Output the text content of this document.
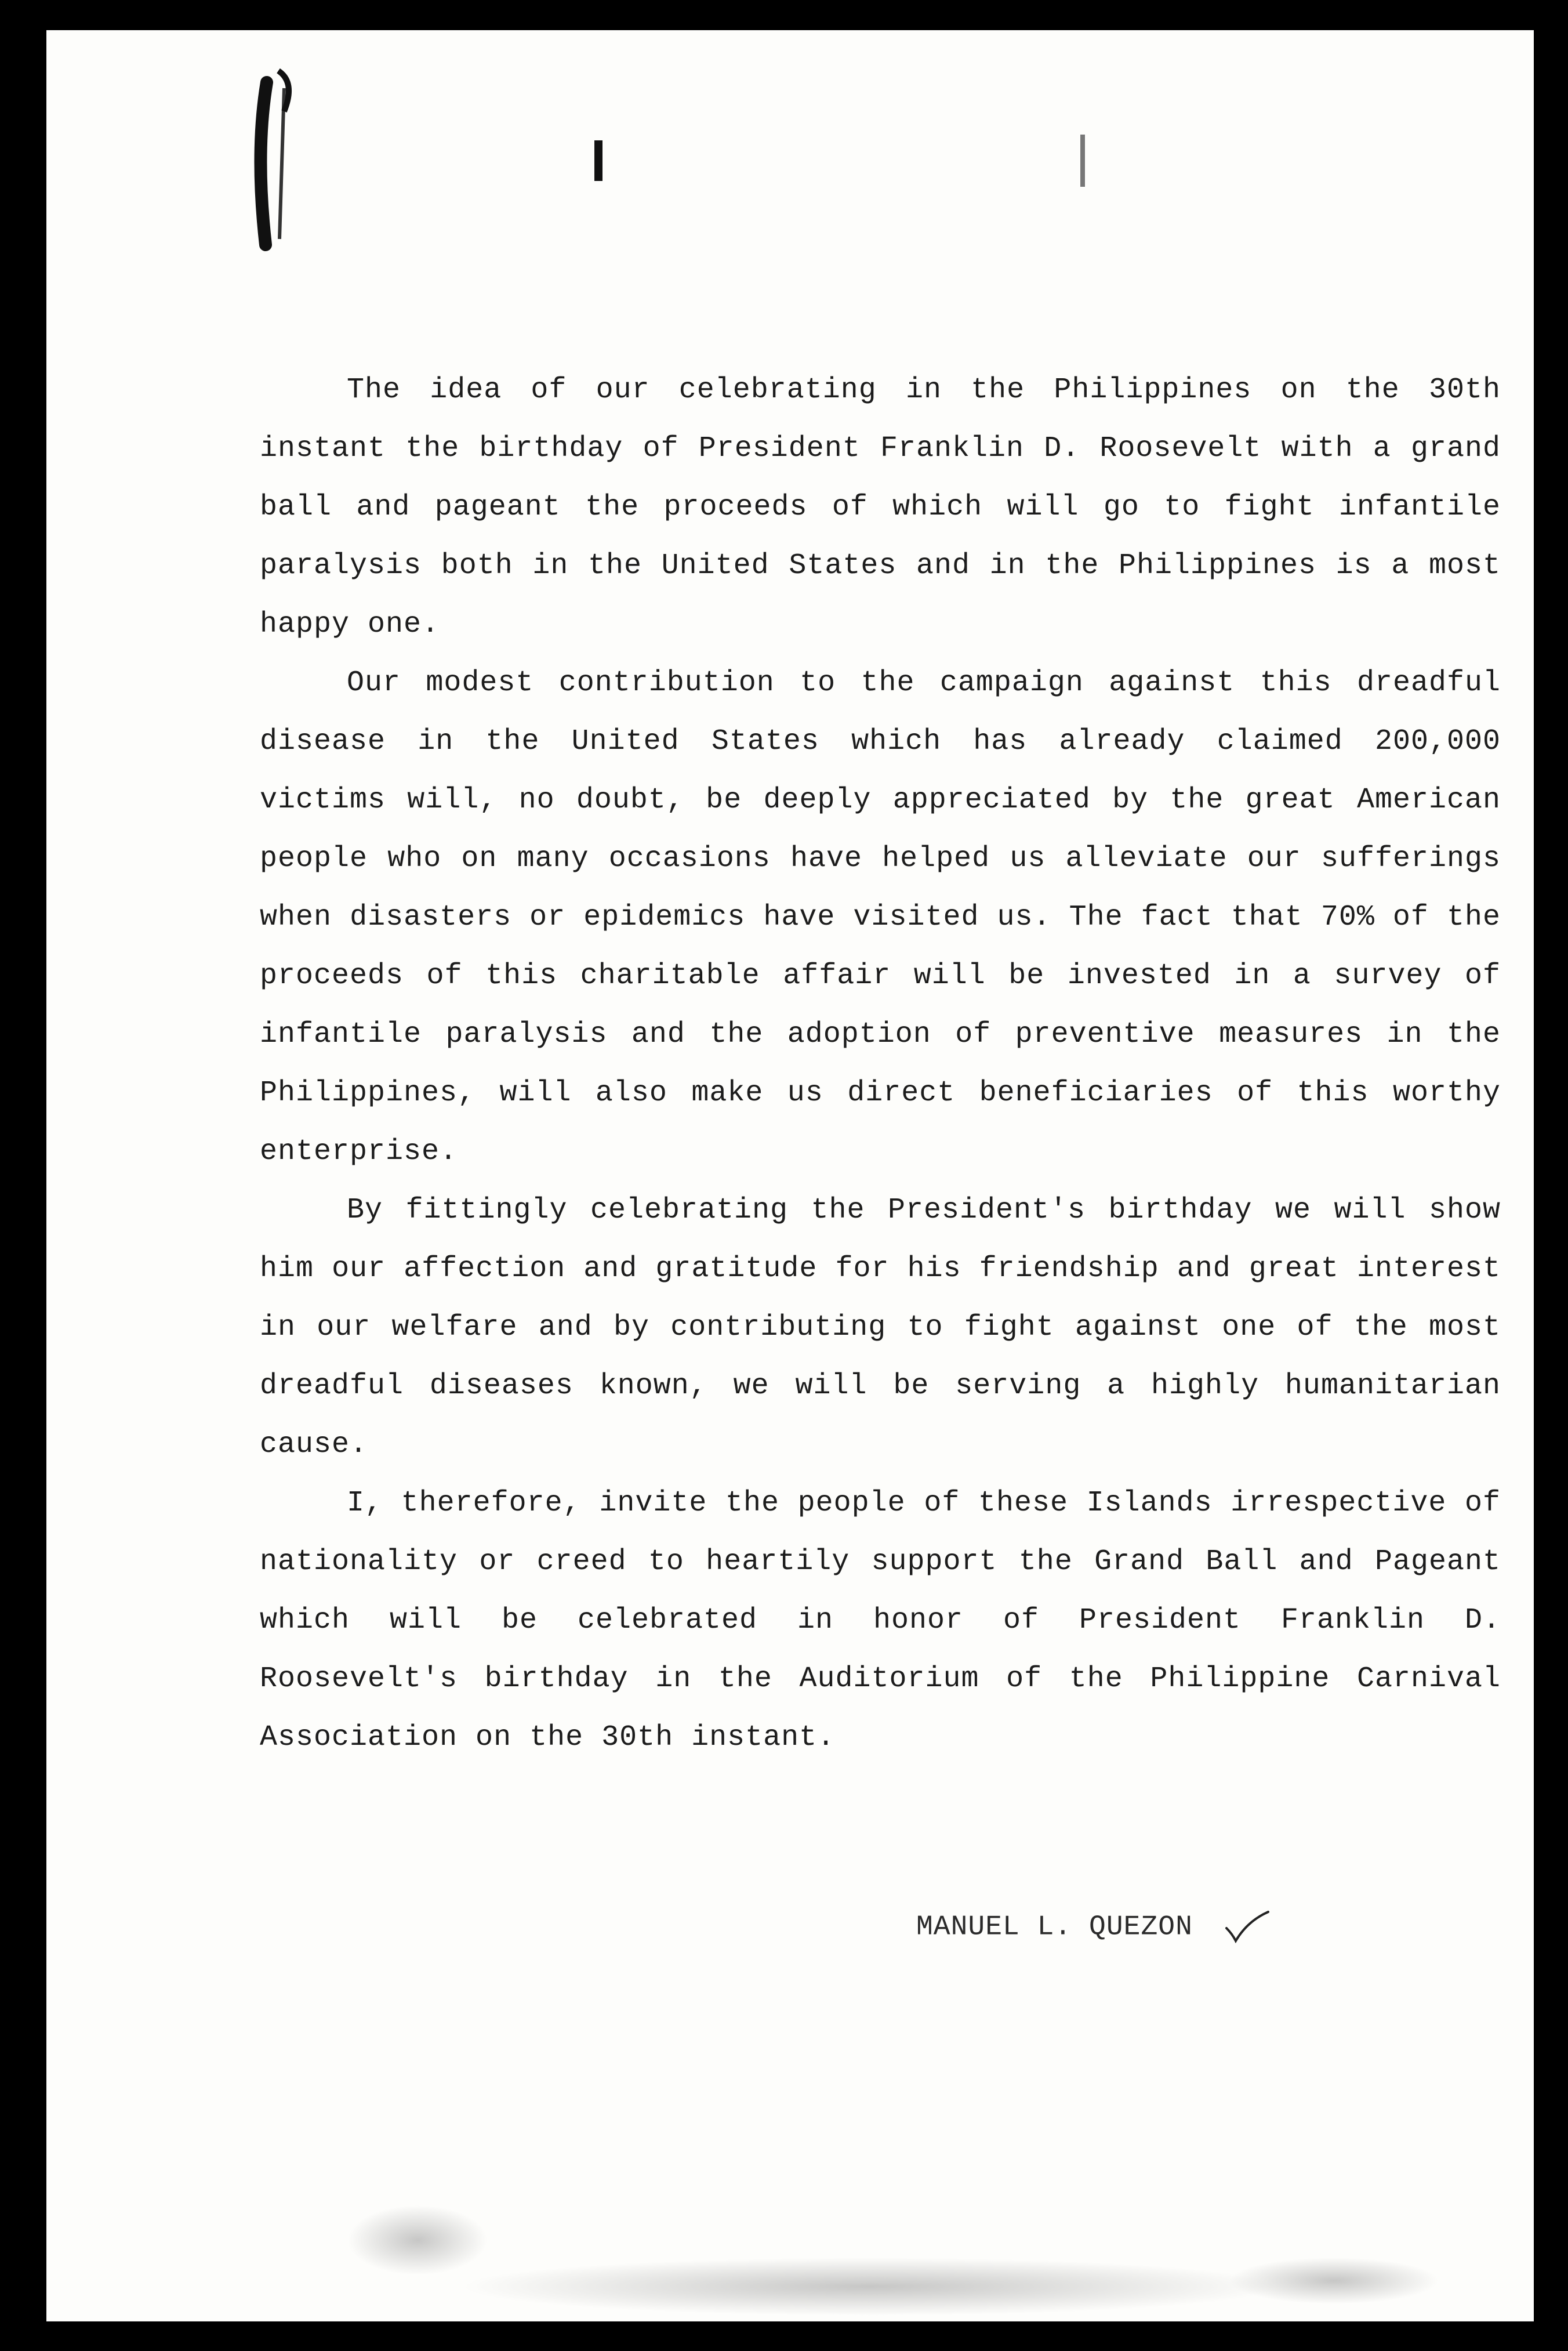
The idea of our celebrating in the Philippines on the 30th instant the birthday of President Franklin D. Roosevelt with a grand ball and pageant the proceeds of which will go to fight infantile paralysis both in the United States and in the Philippines is a most happy one.

Our modest contribution to the campaign against this dreadful disease in the United States which has already claimed 200,000 victims will, no doubt, be deeply appreciated by the great American people who on many occasions have helped us alleviate our sufferings when disasters or epidemics have visited us. The fact that 70% of the proceeds of this charitable affair will be invested in a survey of infantile paralysis and the adoption of preventive measures in the Philippines, will also make us direct beneficiaries of this worthy enterprise.

By fittingly celebrating the President's birthday we will show him our affection and gratitude for his friendship and great interest in our welfare and by contributing to fight against one of the most dreadful diseases known, we will be serving a highly humanitarian cause.

I, therefore, invite the people of these Islands irrespective of nationality or creed to heartily support the Grand Ball and Pageant which will be celebrated in honor of President Franklin D. Roosevelt's birthday in the Auditorium of the Philippine Carnival Association on the 30th instant.

MANUEL L. QUEZON
